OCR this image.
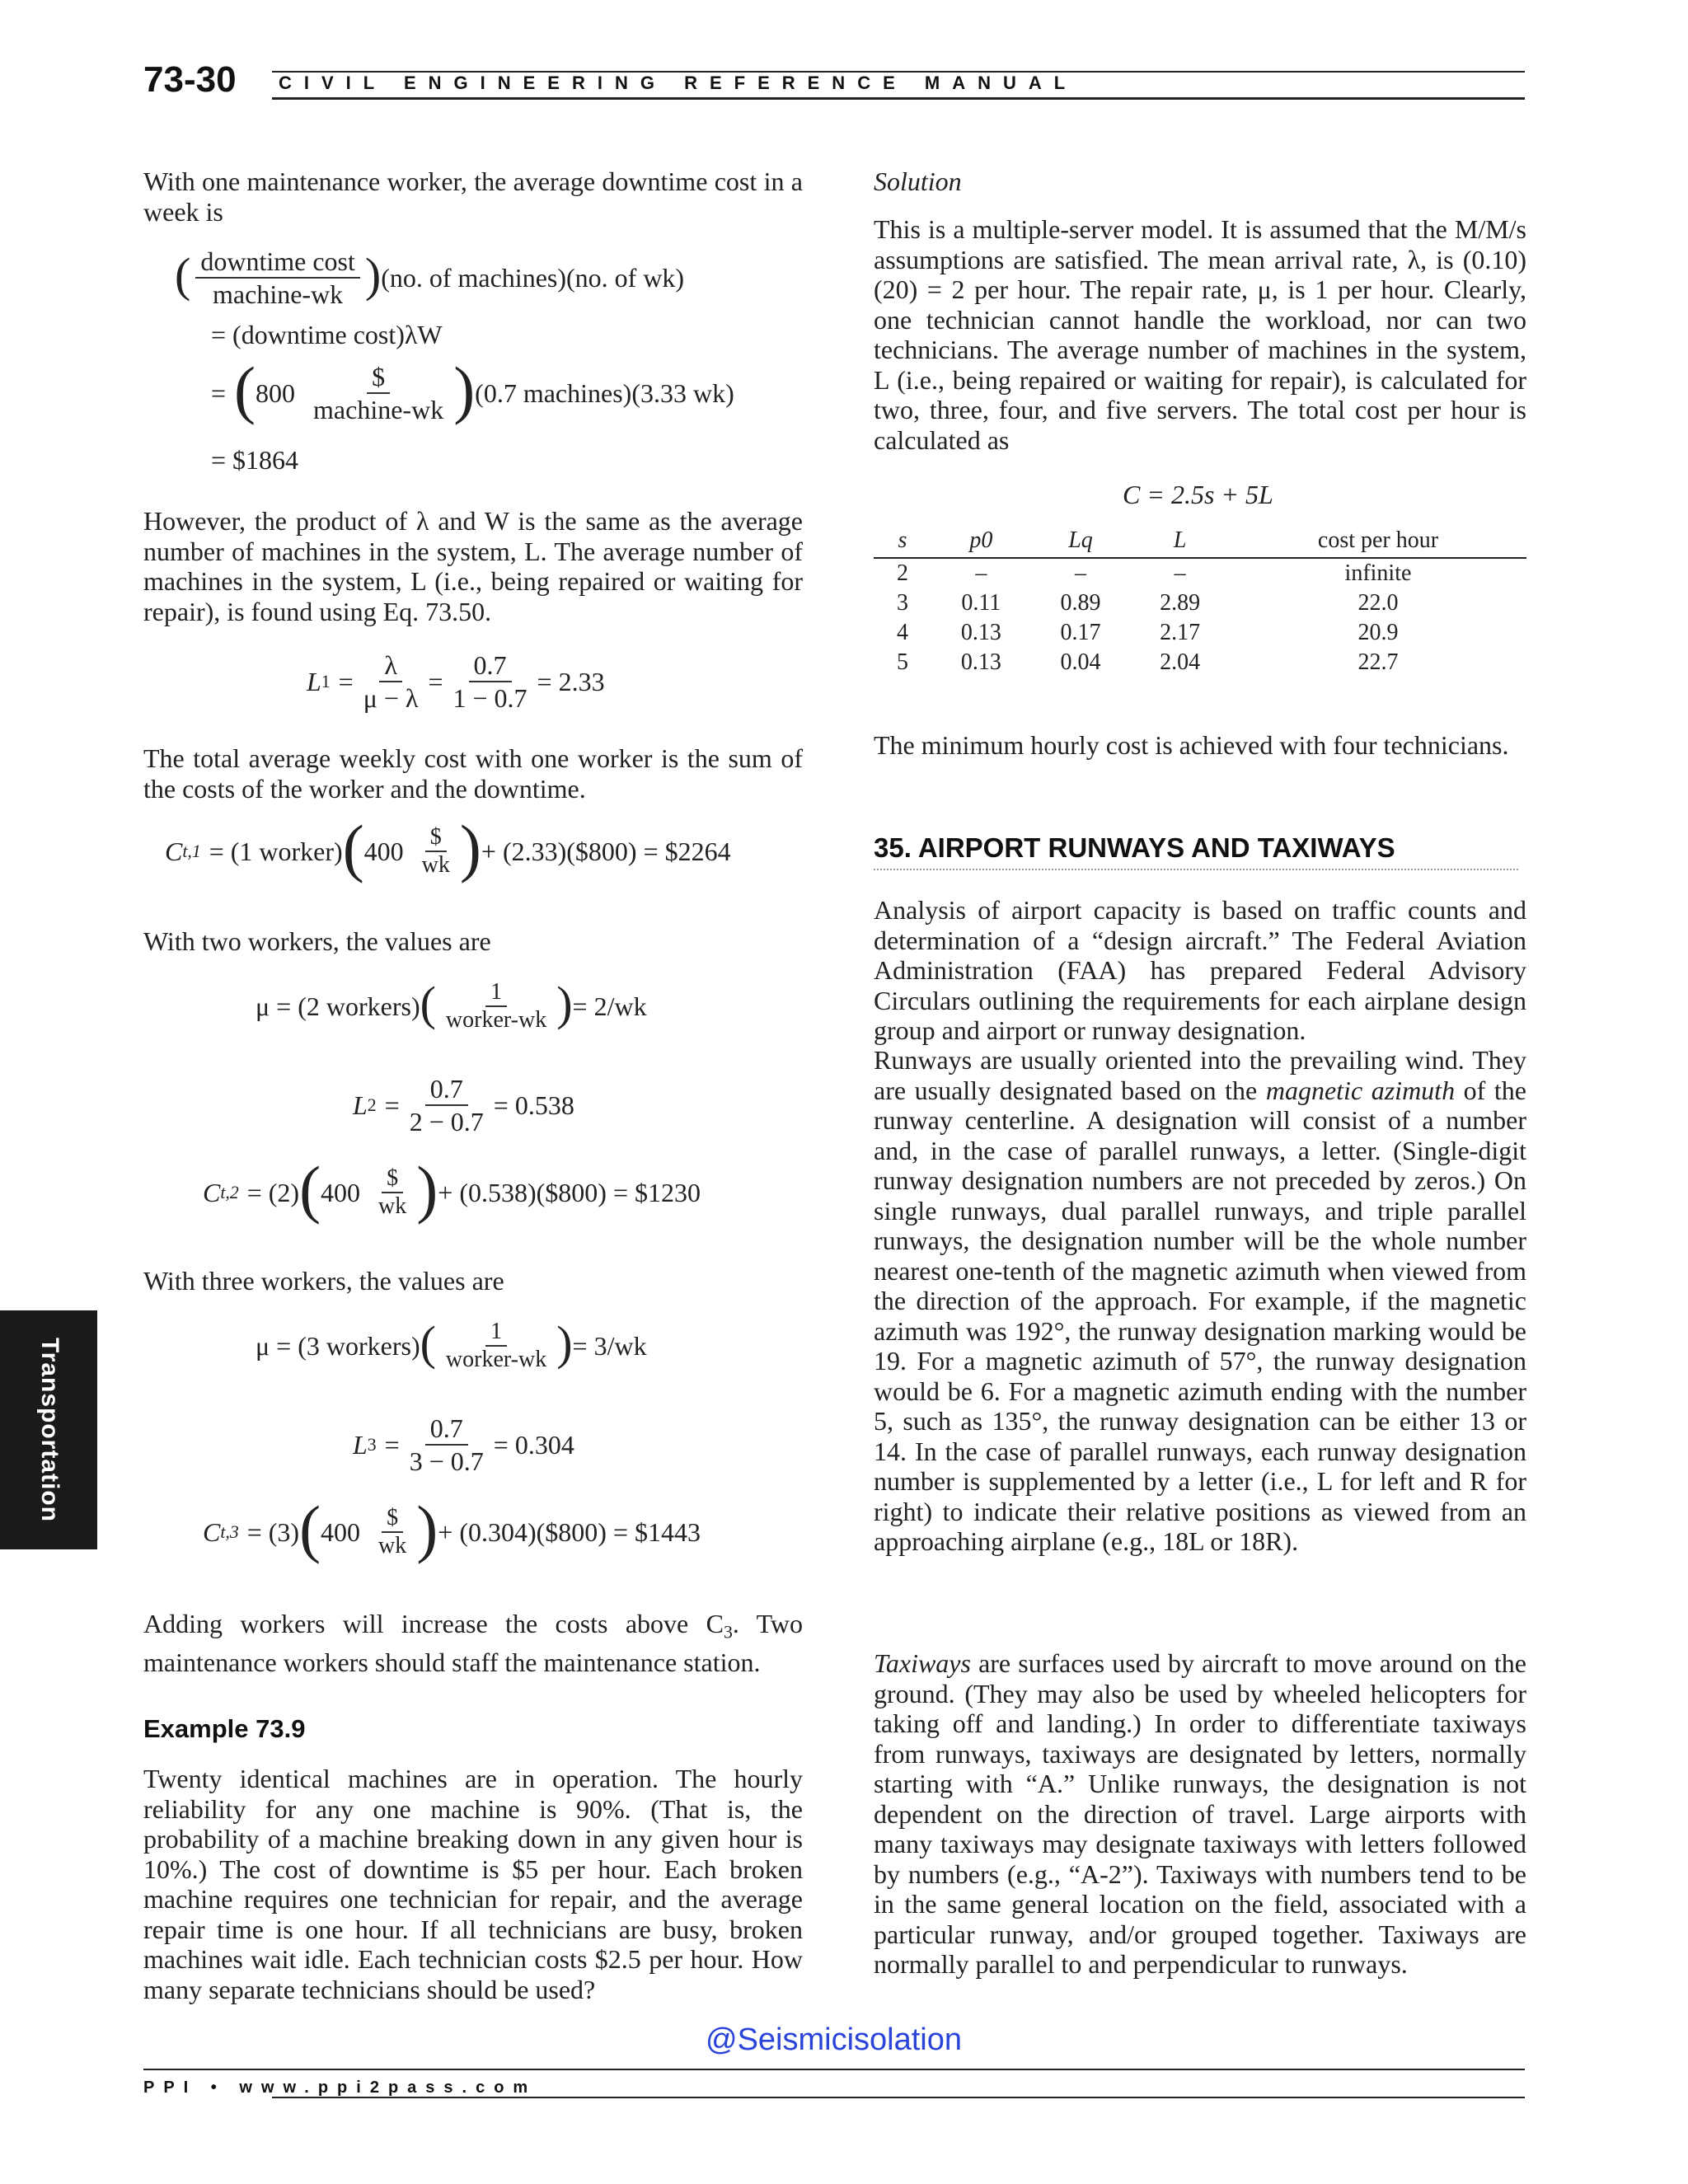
73-30 CIVIL ENGINEERING REFERENCE MANUAL
Transportation

With one maintenance worker, the average downtime cost in a week is

( $\frac{\text{downtime cost}}{\text{machine-wk}}$ ) (no. of machines)(no. of wk)
= (downtime cost)λW
= ( $800 \frac{\$}{\text{machine-wk}}$ ) (0.7 machines)(3.33 wk)
= $1864

However, the product of λ and W is the same as the average number of machines in the system, L. The average number of machines in the system, L (i.e., being repaired or waiting for repair), is found using Eq. 73.50.

L $1 = \frac{\lambda}{\mu - \lambda} = \frac{0.7}{1 - 0.7} = 2.33$

The total average weekly cost with one worker is the sum of the costs of the worker and the downtime.

C t,1 = (1 worker) ( $400 \frac{\$}{wk}$ ) + (2.33)($800) = $2264

With two workers, the values are

μ = (2 workers) ( $\frac{1}{\text{worker-wk}}$ ) = 2/wk
L $2 = \frac{0.7}{2 - 0.7} = 0.538$
C t,2 = (2) ( $400 \frac{\$}{wk}$ ) + (0.538)($800) = $1230

With three workers, the values are

μ = (3 workers) ( $\frac{1}{\text{worker-wk}}$ ) = 3/wk
L $3 = \frac{0.7}{3 - 0.7} = 0.304$
C t,3 = (3) ( $400 \frac{\$}{wk}$ ) + (0.304)($800) = $1443

Adding workers will increase the costs above $C_3$. Two maintenance workers should staff the maintenance station.

Example 73.9

Twenty identical machines are in operation. The hourly reliability for any one machine is 90%. (That is, the probability of a machine breaking down in any given hour is 10%.) The cost of downtime is $5 per hour. Each broken machine requires one technician for repair, and the average repair time is one hour. If all technicians are busy, broken machines wait idle. Each technician costs $2.5 per hour. How many separate technicians should be used?

Solution

This is a multiple-server model. It is assumed that the M/M/s assumptions are satisfied. The mean arrival rate, λ, is (0.10)(20) = 2 per hour. The repair rate, μ, is 1 per hour. Clearly, one technician cannot handle the workload, nor can two technicians. The average number of machines in the system, L (i.e., being repaired or waiting for repair), is calculated for two, three, four, and five servers. The total cost per hour is calculated as

C = 2.5s + 5L
s	p0	Lq	L	cost per hour
2	–	–	–	infinite
3	0.11	0.89	2.89	22.0
4	0.13	0.17	2.17	20.9
5	0.13	0.04	2.04	22.7

The minimum hourly cost is achieved with four technicians.

35. AIRPORT RUNWAYS AND TAXIWAYS

Analysis of airport capacity is based on traffic counts and determination of a “design aircraft.” The Federal Aviation Administration (FAA) has prepared Federal Advisory Circulars outlining the requirements for each airplane design group and airport or runway designation.

Runways are usually oriented into the prevailing wind. They are usually designated based on the magnetic azimuth of the runway centerline. A designation will consist of a number and, in the case of parallel runways, a letter. (Single-digit runway designation numbers are not preceded by zeros.) On single runways, dual parallel runways, and triple parallel runways, the designation number will be the whole number nearest one-tenth of the magnetic azimuth when viewed from the direction of the approach. For example, if the magnetic azimuth was 192°, the runway designation marking would be 19. For a magnetic azimuth of 57°, the runway designation would be 6. For a magnetic azimuth ending with the number 5, such as 135°, the runway designation can be either 13 or 14. In the case of parallel runways, each runway designation number is supplemented by a letter (i.e., L for left and R for right) to indicate their relative positions as viewed from an approaching airplane (e.g., 18L or 18R).

Taxiways are surfaces used by aircraft to move around on the ground. (They may also be used by wheeled helicopters for taking off and landing.) In order to differentiate taxiways from runways, taxiways are designated by letters, normally starting with “A.” Unlike runways, the designation is not dependent on the direction of travel. Large airports with many taxiways may designate taxiways with letters followed by numbers (e.g., “A-2”). Taxiways with numbers tend to be in the same general location on the field, associated with a particular runway, and/or grouped together. Taxiways are normally parallel to and perpendicular to runways.

@Seismicisolation
PPI • www.ppi2pass.com
